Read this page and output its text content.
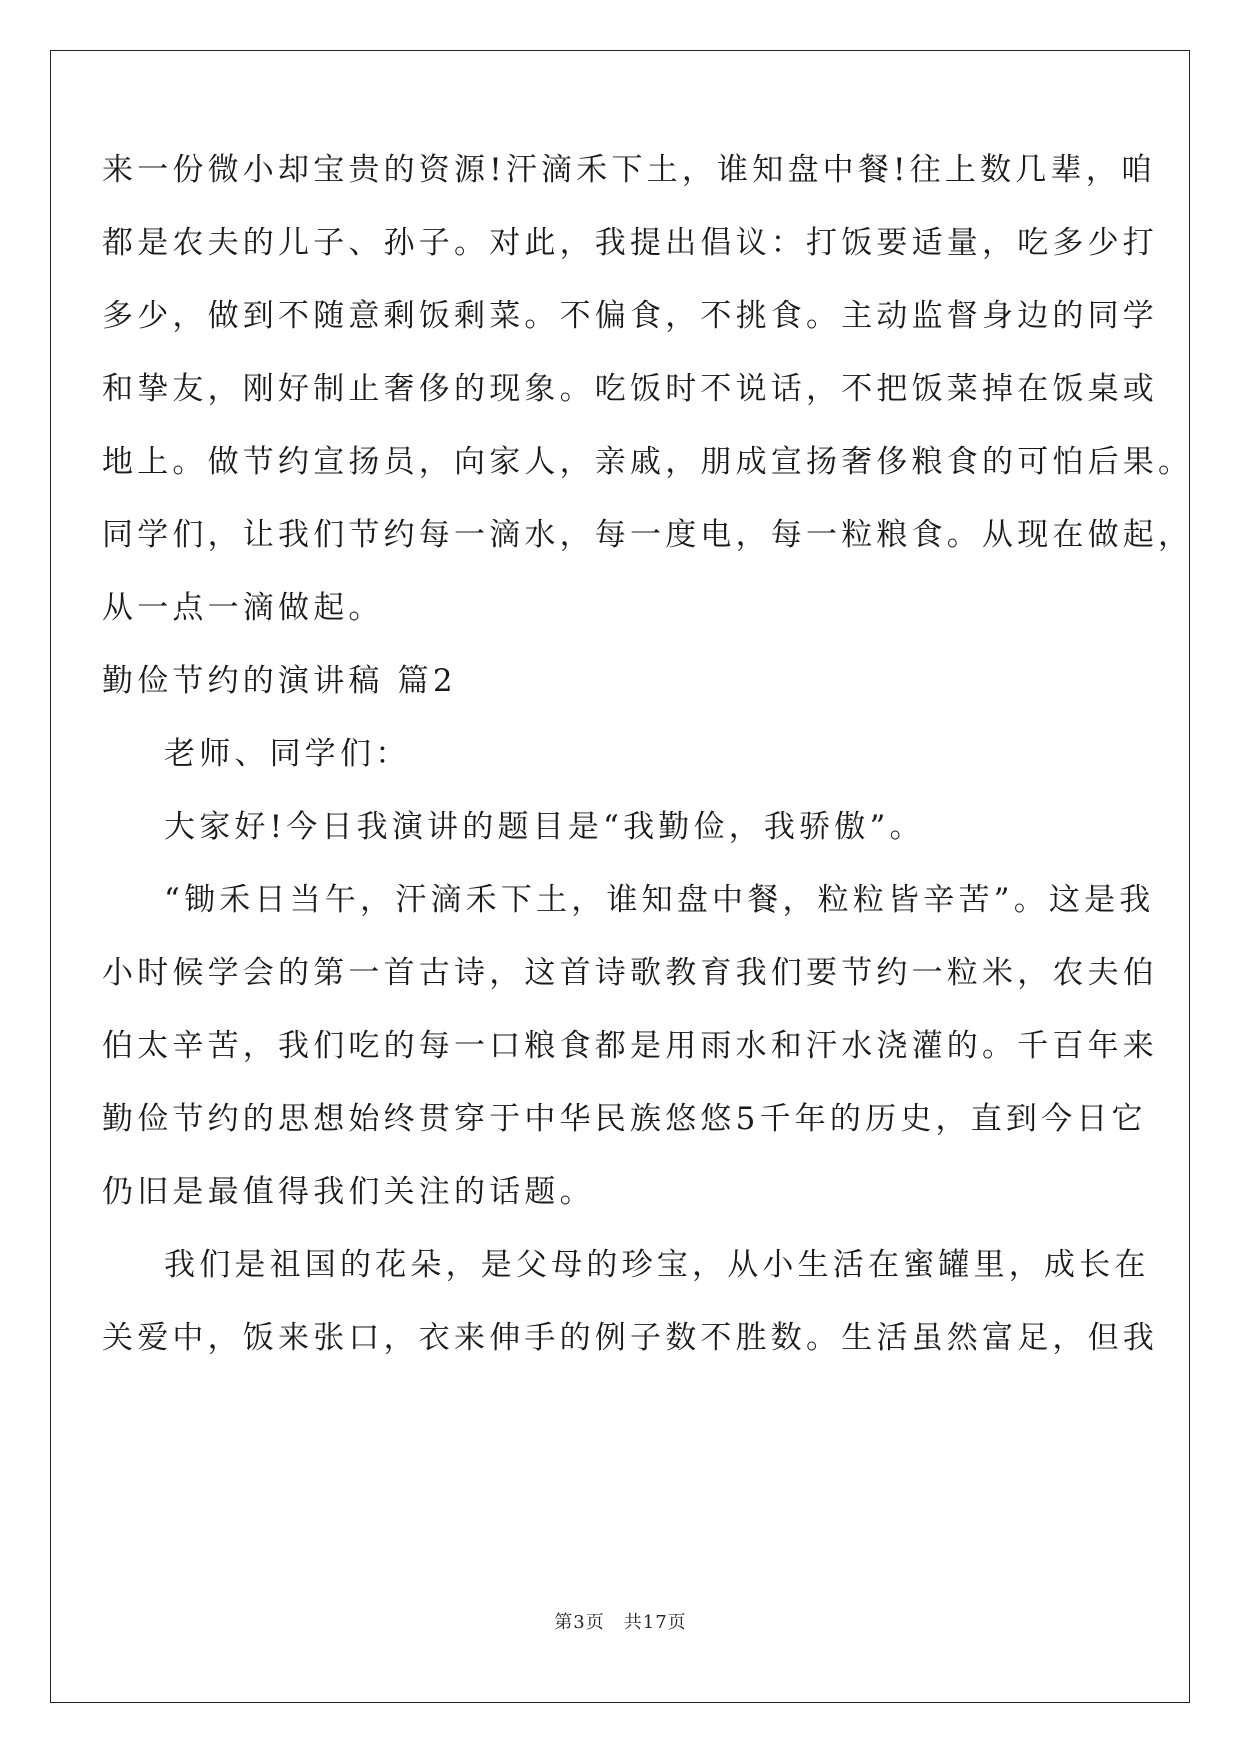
来一份微小却宝贵的资源!汗滴禾下土，谁知盘中餐!往上数几辈，咱
都是农夫的儿子、孙子。对此，我提出倡议：打饭要适量，吃多少打
多少，做到不随意剩饭剩菜。不偏食，不挑食。主动监督身边的同学
和挚友，刚好制止奢侈的现象。吃饭时不说话，不把饭菜掉在饭桌或
地上。做节约宣扬员，向家人，亲戚，朋成宣扬奢侈粮食的可怕后果。
同学们，让我们节约每一滴水，每一度电，每一粒粮食。从现在做起，
从一点一滴做起。
勤俭节约的演讲稿 篇2
老师、同学们：
大家好!今日我演讲的题目是“我勤俭，我骄傲”。
“锄禾日当午，汗滴禾下土，谁知盘中餐，粒粒皆辛苦”。这是我
小时候学会的第一首古诗，这首诗歌教育我们要节约一粒米，农夫伯
伯太辛苦，我们吃的每一口粮食都是用雨水和汗水浇灌的。千百年来
勤俭节约的思想始终贯穿于中华民族悠悠5千年的历史，直到今日它
仍旧是最值得我们关注的话题。
我们是祖国的花朵，是父母的珍宝，从小生活在蜜罐里，成长在
关爱中，饭来张口，衣来伸手的例子数不胜数。生活虽然富足，但我
第3页　共17页
